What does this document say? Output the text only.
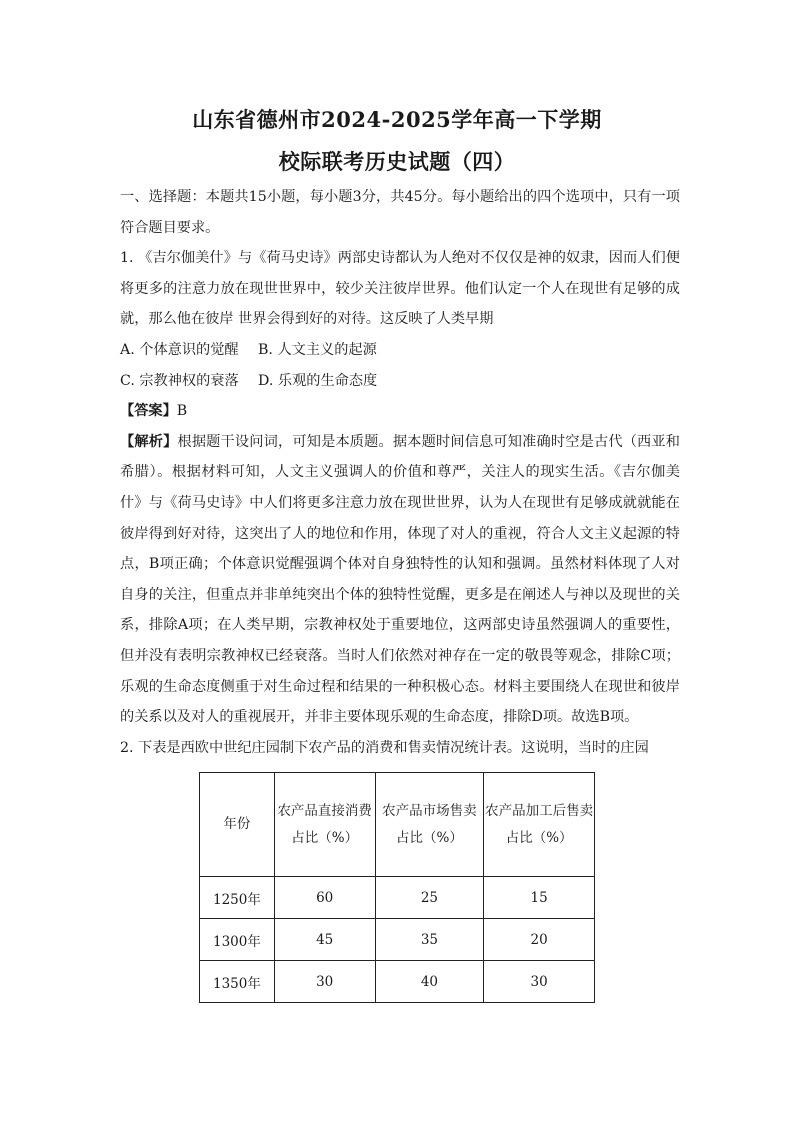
山东省德州市2024-2025学年高一下学期
校际联考历史试题（四）

一、选择题：本题共15小题，每小题3分，共45分。每小题给出的四个选项中，只有一项符合题目要求。

1. 《吉尔伽美什》与《荷马史诗》两部史诗都认为人绝对不仅仅是神的奴隶，因而人们便将更多的注意力放在现世世界中，较少关注彼岸世界。他们认定一个人在现世有足够的成就，那么他在彼岸 世界会得到好的对待。这反映了人类早期

A. 个体意识的觉醒	B. 人文主义的起源
C. 宗教神权的衰落	D. 乐观的生命态度

【答案】B

【解析】根据题干设问词，可知是本质题。据本题时间信息可知准确时空是古代（西亚和希腊）。根据材料可知，人文主义强调人的价值和尊严，关注人的现实生活。《吉尔伽美什》与《荷马史诗》中人们将更多注意力放在现世世界，认为人在现世有足够成就就能在彼岸得到好对待，这突出了人的地位和作用，体现了对人的重视，符合人文主义起源的特点，B项正确；个体意识觉醒强调个体对自身独特性的认知和强调。虽然材料体现了人对自身的关注，但重点并非单纯突出个体的独特性觉醒，更多是在阐述人与神以及现世的关系，排除A项；在人类早期，宗教神权处于重要地位，这两部史诗虽然强调人的重要性，但并没有表明宗教神权已经衰落。当时人们依然对神存在一定的敬畏等观念，排除C项；乐观的生命态度侧重于对生命过程和结果的一种积极心态。材料主要围绕人在现世和彼岸的关系以及对人的重视展开，并非主要体现乐观的生命态度，排除D项。故选B项。

2. 下表是西欧中世纪庄园制下农产品的消费和售卖情况统计表。这说明，当时的庄园

年份	农产品直接消费占比（%）	农产品市场售卖占比（%）	农产品加工后售卖占比（%）
1250年	60	25	15
1300年	45	35	20
1350年	30	40	30
